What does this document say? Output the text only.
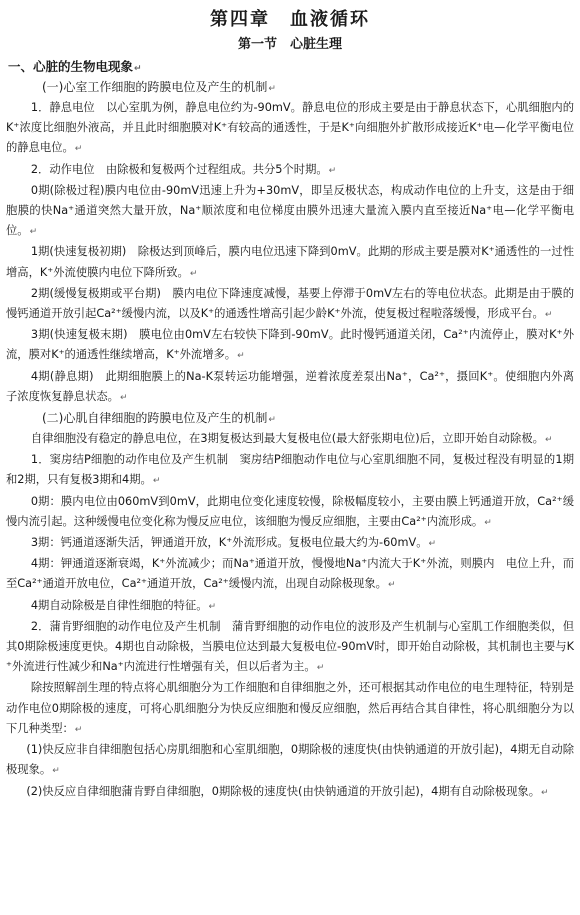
第四章　血液循环
第一节　心脏生理
一、心脏的生物电现象↵
(一)心室工作细胞的跨膜电位及产生的机制↵

1．静息电位　以心室肌为例，静息电位约为-90mV。静息电位的形成主要是由于静息状态下，心肌细胞内的K⁺浓度比细胞外液高，并且此时细胞膜对K⁺有较高的通透性，于是K⁺向细胞外扩散形成接近K⁺电—化学平衡电位的静息电位。↵

2．动作电位　由除极和复极两个过程组成。共分5个时期。↵

0期(除极过程)膜内电位由-90mV迅速上升为+30mV，即呈反极状态，构成动作电位的上升支，这是由于细胞膜的快Na⁺通道突然大量开放，Na⁺顺浓度和电位梯度由膜外迅速大量流入膜内直至接近Na⁺电—化学平衡电位。↵

1期(快速复极初期)　除极达到顶峰后，膜内电位迅速下降到0mV。此期的形成主要是膜对K⁺通透性的一过性增高，K⁺外流使膜内电位下降所致。↵

2期(缓慢复极期或平台期)　膜内电位下降速度减慢，基要上停滞于0mV左右的等电位状态。此期是由于膜的慢钙通道开放引起Ca²⁺缓慢内流，以及K⁺的通透性增高引起少龄K⁺外流，使复极过程啦落缓慢，形成平台。↵

3期(快速复极末期)　膜电位由0mV左右较快下降到-90mV。此时慢钙通道关闭，Ca²⁺内流停止，膜对K⁺外流，膜对K⁺的通透性继续增高，K⁺外流增多。↵

4期(静息期)　此期细胞膜上的Na-K泵转运功能增强，逆着浓度差泵出Na⁺，Ca²⁺，摄回K⁺。使细胞内外离子浓度恢复静息状态。↵

(二)心肌自律细胞的跨膜电位及产生的机制↵

自律细胞没有稳定的静息电位，在3期复极达到最大复极电位(最大舒张期电位)后，立即开始自动除极。↵

1．窦房结P细胞的动作电位及产生机制　窦房结P细胞动作电位与心室肌细胞不同，复极过程没有明显的1期和2期，只有复极3期和4期。↵

0期：膜内电位由060mV到0mV，此期电位变化速度较慢，除极幅度较小，主要由膜上钙通道开放，Ca²⁺缓慢内流引起。这种缓慢电位变化称为慢反应电位，该细胞为慢反应细胞，主要由Ca²⁺内流形成。↵

3期：钙通道逐渐失活，钾通道开放，K⁺外流形成。复极电位最大约为-60mV。↵

4期：钾通道逐渐衰竭，K⁺外流减少；而Na⁺通道开放，慢慢地Na⁺内流大于K⁺外流，则膜内　电位上升，而至Ca²⁺通道开放电位，Ca²⁺通道开放，Ca²⁺缓慢内流，出现自动除极现象。↵

4期自动除极是自律性细胞的特征。↵

2．蒲肯野细胞的动作电位及产生机制　蒲肯野细胞的动作电位的波形及产生机制与心室肌工作细胞类似，但其0期除极速度更快。4期也自动除极，当膜电位达到最大复极电位-90mV时，即开始自动除极，其机制也主要与K⁺外流进行性减少和Na⁺内流进行性增强有关，但以后者为主。↵

除按照解剖生理的特点将心肌细胞分为工作细胞和自律细胞之外，还可根据其动作电位的电生理特征，特别是动作电位0期除极的速度，可将心肌细胞分为快反应细胞和慢反应细胞，然后再结合其自律性，将心肌细胞分为以下几种类型：↵

(1)快反应非自律细胞包括心房肌细胞和心室肌细胞，0期除极的速度快(由快钠通道的开放引起)，4期无自动除极现象。↵

(2)快反应自律细胞蒲肯野自律细胞，0期除极的速度快(由快钠通道的开放引起)，4期有自动除极现象。↵
